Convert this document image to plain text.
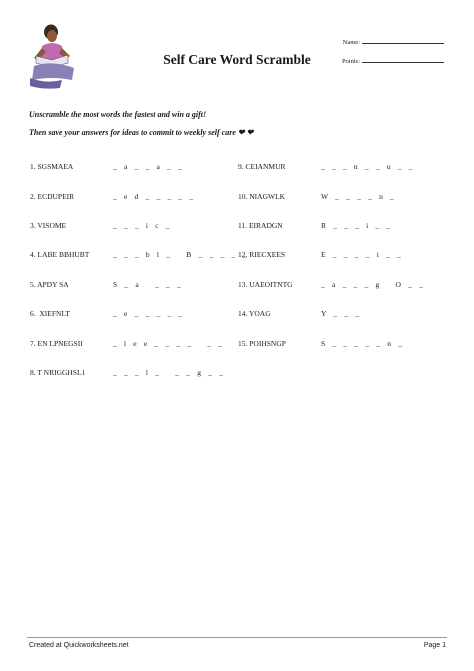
Self Care Word Scramble
Name:
Points:
Unscramble the most words the fastest and win a gift!
Then save your answers for ideas to commit to weekly self care ❤ ❤
1. SGSMAEA	_   a   _   _   a   _   _
2. ECDUPEIR	_   e   d   _   _   _   _   _
3. VISOME	_   _   _   i   c   _
4. LABE BBHUBT	_   _   _   b   l   _       B   _   _   _   _   _
5. APDY SA	S   _   a       _   _   _
6.  XIEFNLT	_   e   _   _   _   _   _
7. EN LPNEGSII	_   l   e   e   _   _   _   _       _   _
8. T NRIGGHSL1	_   _   _   l   _       _   _   g   _   _
9. CEIANMUR	_   _   _   n   _   _   u   _   _
10. NIAGWLK	W   _   _   _   _   n   _
11. EIRADGN	R   _   _   _   i   _   _
12. RIECXEES	E   _   _   _   _   i   _   _
13. UAEOITNTG	_   a   _   _   _   g       O   _   _
14. YOAG	Y   _   _   _
15. POIHSNGP	S   _   _   _   _   _   n   _
Created at Quickworksheets.net	Page 1
